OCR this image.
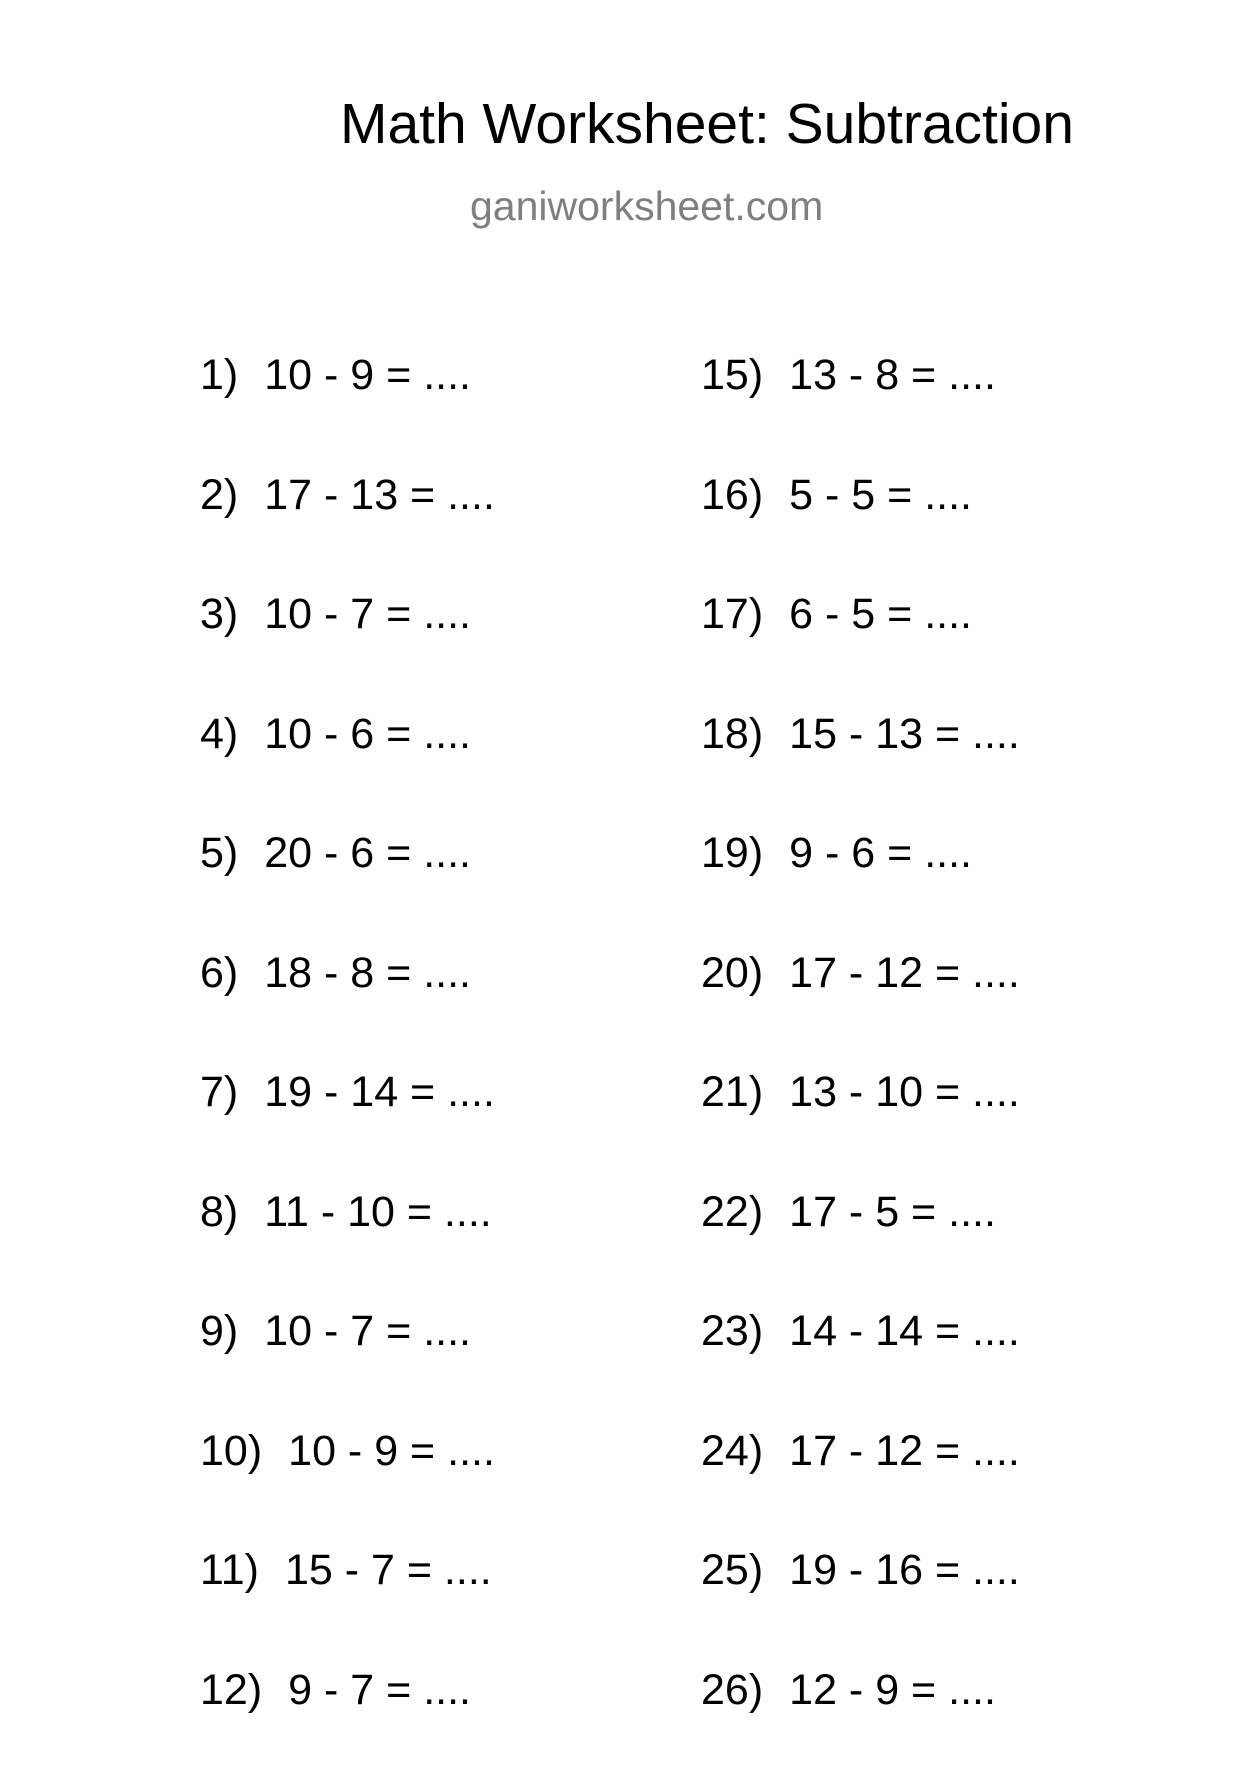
Math Worksheet: Subtraction
ganiworksheet.com
1) 10 - 9 = ....
2) 17 - 13 = ....
3) 10 - 7 = ....
4) 10 - 6 = ....
5) 20 - 6 = ....
6) 18 - 8 = ....
7) 19 - 14 = ....
8) 11 - 10 = ....
9) 10 - 7 = ....
10) 10 - 9 = ....
11) 15 - 7 = ....
12) 9 - 7 = ....
15) 13 - 8 = ....
16) 5 - 5 = ....
17) 6 - 5 = ....
18) 15 - 13 = ....
19) 9 - 6 = ....
20) 17 - 12 = ....
21) 13 - 10 = ....
22) 17 - 5 = ....
23) 14 - 14 = ....
24) 17 - 12 = ....
25) 19 - 16 = ....
26) 12 - 9 = ....
